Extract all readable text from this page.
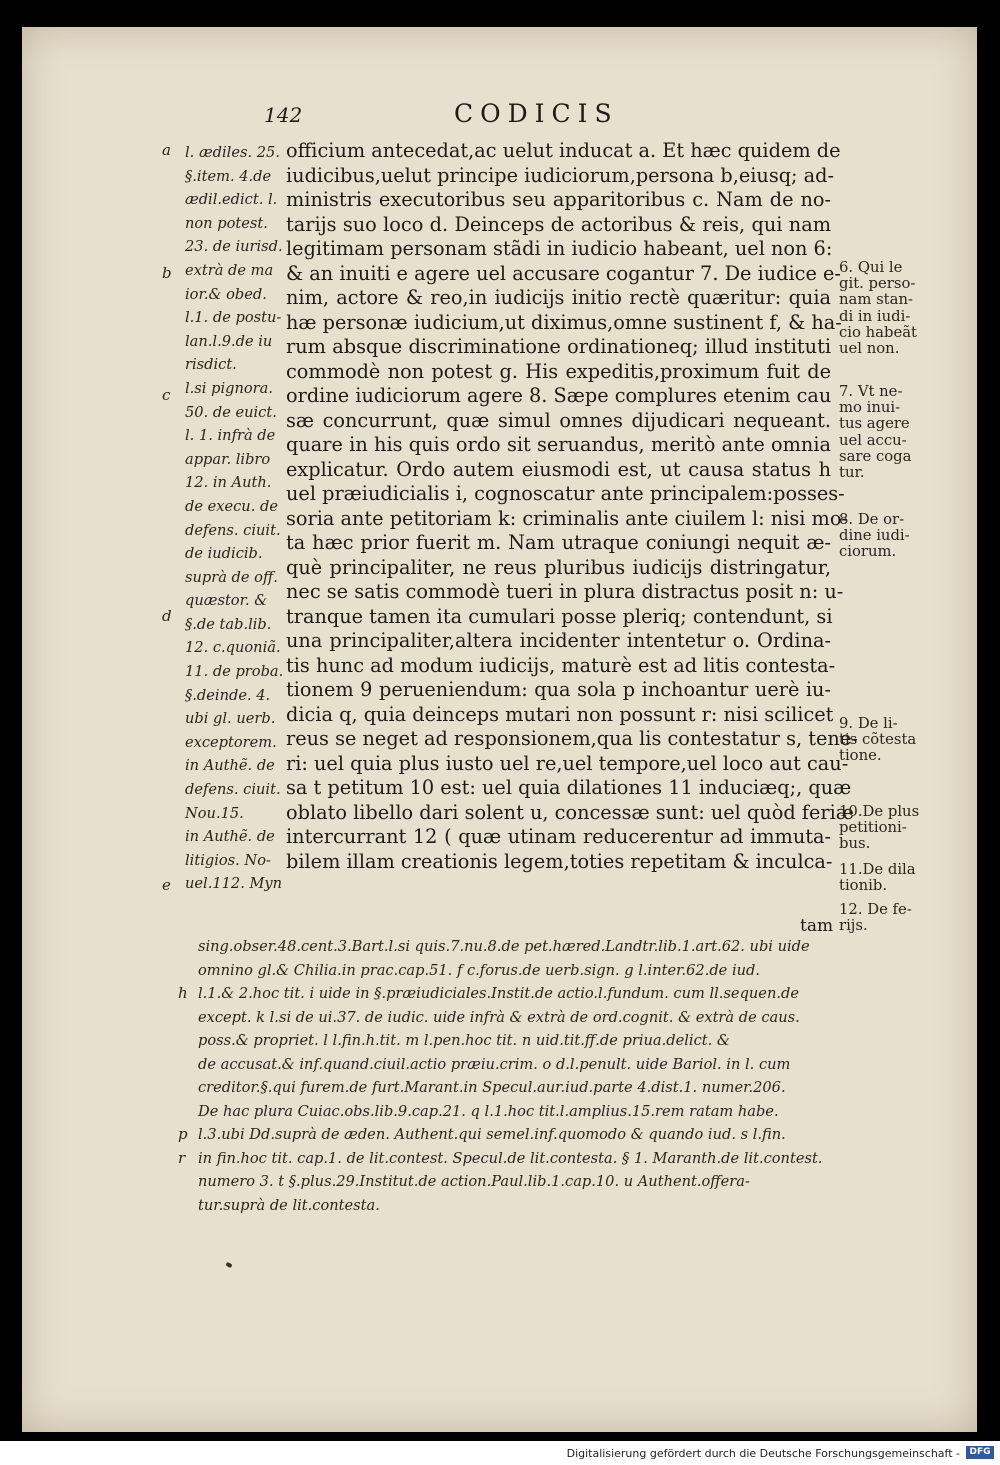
142	CODICIS
l. ædiles. 25.
§.item. 4.de
ædil.edict. l.
non potest.
23. de iurisd.
extrà de ma
ior.& obed.
l.1. de postu-
lan.l.9.de iu
risdict.
l.si pignora.
50. de euict.
l. 1. infrà de
appar. libro
12. in Auth.
de execu. de
defens. ciuit.
de iudicib.
suprà de off.
quæstor. &
§.de tab.lib.
12. c.quoniã.
11. de proba.
§.deinde. 4.
ubi gl. uerb.
exceptorem.
in Authẽ. de
defens. ciuit.
Nou.15.
in Authẽ. de
litigios. No-
uel.112. Myn
a
b
c
d
e
officium antecedat,ac uelut inducat a. Et hæc quidem de
iudicibus,uelut principe iudiciorum,persona b,eiusq; ad-
ministris executoribus seu apparitoribus c. Nam de no-
tarijs suo loco d. Deinceps de actoribus & reis, qui nam
legitimam personam stãdi in iudicio habeant, uel non 6:
& an inuiti e agere uel accusare cogantur 7. De iudice e-
nim, actore & reo,in iudicijs initio rectè quæritur: quia
hæ personæ iudicium,ut diximus,omne sustinent f, & ha-
rum absque discriminatione ordinationeq; illud instituti
commodè non potest g. His expeditis,proximum fuit de
ordine iudiciorum agere 8. Sæpe complures etenim cau
sæ concurrunt, quæ simul omnes dijudicari nequeant.
quare in his quis ordo sit seruandus, meritò ante omnia
explicatur. Ordo autem eiusmodi est, ut causa status h
uel præiudicialis i, cognoscatur ante principalem:posses-
soria ante petitoriam k: criminalis ante ciuilem l: nisi mo-
ta hæc prior fuerit m. Nam utraque coniungi nequit æ-
què principaliter, ne reus pluribus iudicijs distringatur,
nec se satis commodè tueri in plura distractus posit n: u-
tranque tamen ita cumulari posse pleriq; contendunt, si
una principaliter,altera incidenter intentetur o. Ordina-
tis hunc ad modum iudicijs, maturè est ad litis contesta-
tionem 9 perueniendum: qua sola p inchoantur uerè iu-
dicia q, quia deinceps mutari non possunt r: nisi scilicet
reus se neget ad responsionem,qua lis contestatur s, tene-
ri: uel quia plus iusto uel re,uel tempore,uel loco aut cau-
sa t petitum 10 est: uel quia dilationes 11 induciæq;, quæ
oblato libello dari solent u, concessæ sunt: uel quòd feriæ
intercurrant 12 ( quæ utinam reducerentur ad immuta-
bilem illam creationis legem,toties repetitam & inculca-
tam
6. Qui le
git. perso-
nam stan-
di in iudi-
cio habeãt
uel non.
7. Vt ne-
mo inui-
tus agere
uel accu-
sare coga
tur.
8. De or-
dine iudi-
ciorum.
9. De li-
tis cõtesta
tione.
10.De plus
petitioni-
bus.
11.De dila
tionib.
12. De fe-
rijs.
h
p
r
sing.obser.48.cent.3.Bart.l.si quis.7.nu.8.de pet.hæred.Landtr.lib.1.art.62. ubi uide
omnino gl.& Chilia.in prac.cap.51. f c.forus.de uerb.sign. g l.inter.62.de iud.
l.1.& 2.hoc tit. i uide in §.præiudiciales.Instit.de actio.l.fundum. cum ll.sequen.de
except. k l.si de ui.37. de iudic. uide infrà & extrà de ord.cognit. & extrà de caus.
poss.& propriet. l l.fin.h.tit. m l.pen.hoc tit. n uid.tit.ff.de priua.delict. &
de accusat.& inf.quand.ciuil.actio præiu.crim. o d.l.penult. uide Bariol. in l. cum
creditor.§.qui furem.de furt.Marant.in Specul.aur.iud.parte 4.dist.1. numer.206.
De hac plura Cuiac.obs.lib.9.cap.21. q l.1.hoc tit.l.amplius.15.rem ratam habe.
l.3.ubi Dd.suprà de æden. Authent.qui semel.inf.quomodo & quando iud. s l.fin.
in fin.hoc tit. cap.1. de lit.contest. Specul.de lit.contesta. § 1. Maranth.de lit.contest.
numero 3. t §.plus.29.Institut.de action.Paul.lib.1.cap.10. u Authent.offera-
tur.suprà de lit.contesta.
Digitalisierung gefördert durch die Deutsche Forschungsgemeinschaft -	DFG
